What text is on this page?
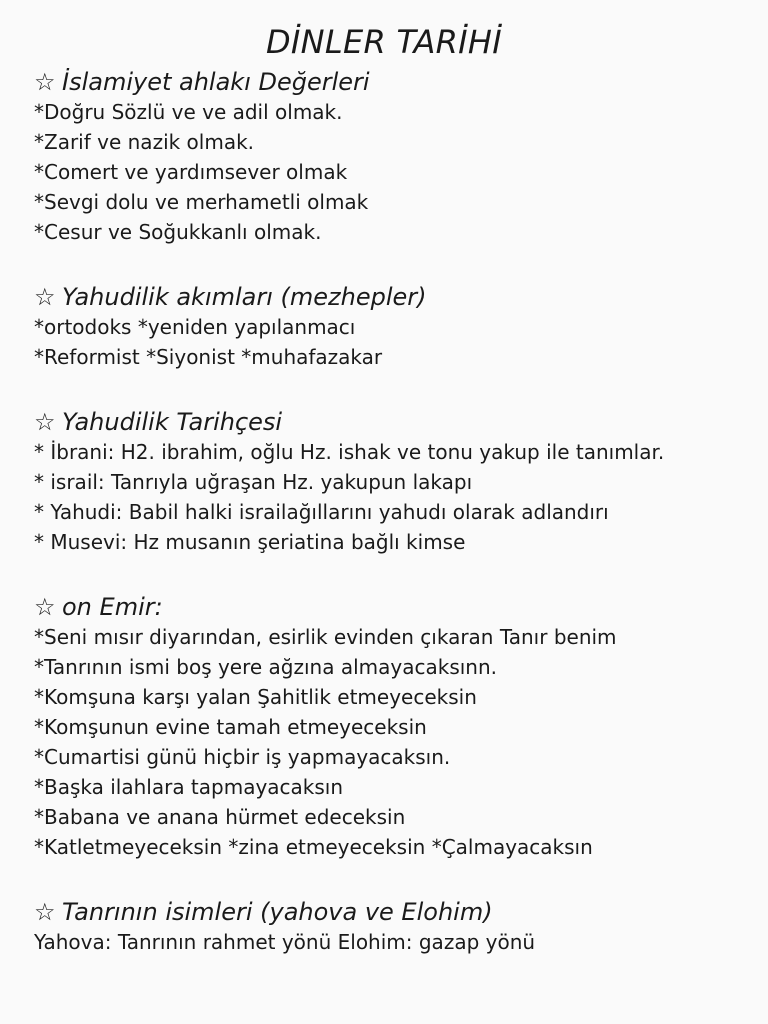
DİNLER TARİHİ
☆ İslamiyet ahlakı Değerleri
*Doğru Sözlü ve ve adil olmak.
*Zarif ve nazik olmak.
*Comert ve yardımsever olmak
*Sevgi dolu ve merhametli olmak
*Cesur ve Soğukkanlı olmak.
☆ Yahudilik akımları (mezhepler)
*ortodoks *yeniden yapılanmacı
*Reformist *Siyonist *muhafazakar
☆ Yahudilik Tarihçesi
* İbrani: H2. ibrahim, oğlu Hz. ishak ve tonu yakup ile tanımlar.
* israil: Tanrıyla uğraşan Hz. yakupun lakapı
* Yahudi: Babil halki israilağıllarını yahudı olarak adlandırı
* Musevi: Hz musanın şeriatina bağlı kimse
☆ on Emir:
*Seni mısır diyarından, esirlik evinden çıkaran Tanır benim
*Tanrının ismi boş yere ağzına almayacaksınn.
*Komşuna karşı yalan Şahitlik etmeyeceksin
*Komşunun evine tamah etmeyeceksin
*Cumartisi günü hiçbir iş yapmayacaksın.
*Başka ilahlara tapmayacaksın
*Babana ve anana hürmet edeceksin
*Katletmeyeceksin *zina etmeyeceksin *Çalmayacaksın
☆ Tanrının isimleri (yahova ve Elohim)
Yahova: Tanrının rahmet yönü Elohim: gazap yönü
